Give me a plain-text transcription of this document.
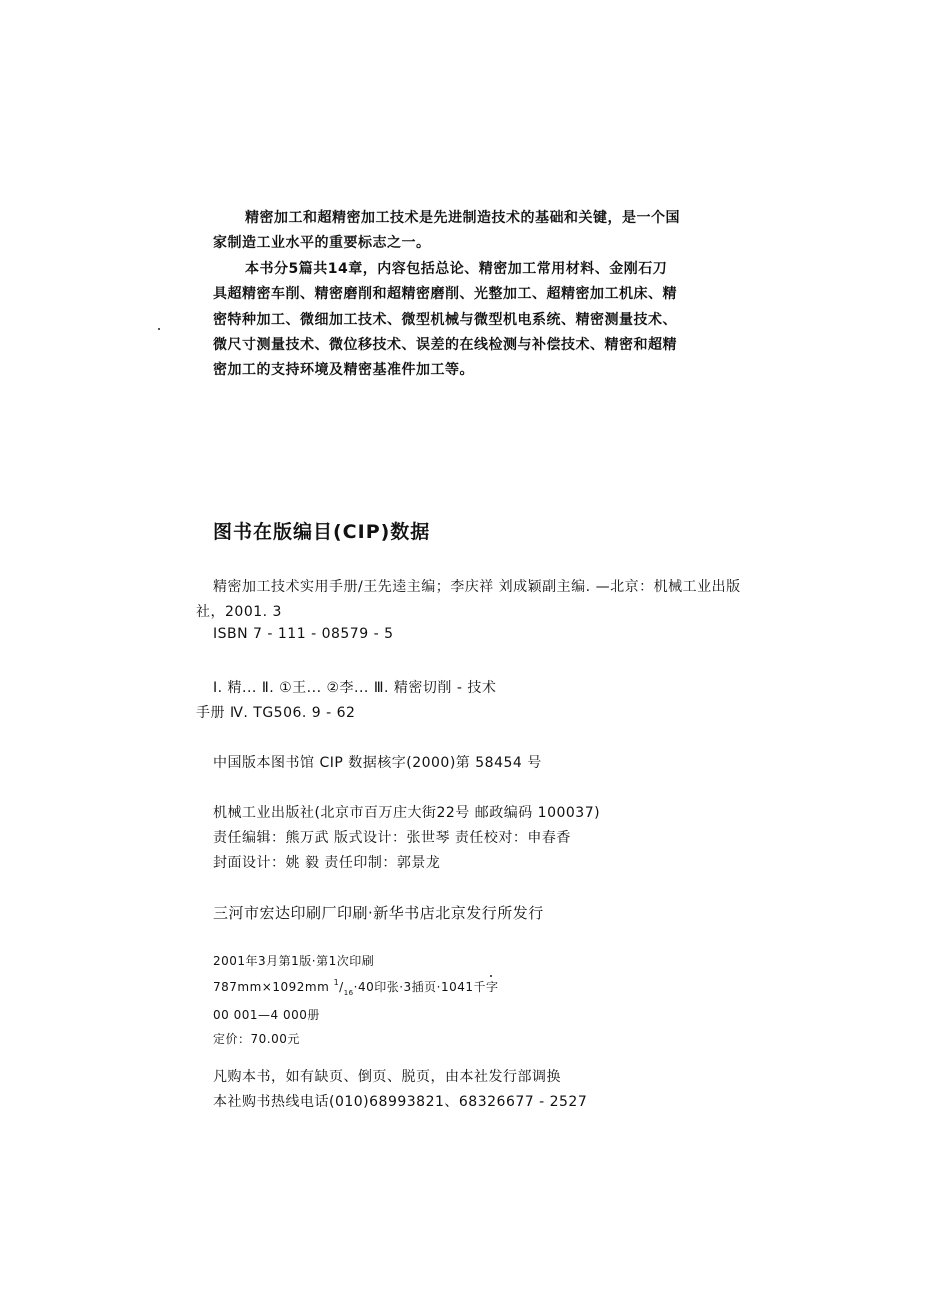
精密加工和超精密加工技术是先进制造技术的基础和关键，是一个国
家制造工业水平的重要标志之一。
本书分5篇共14章，内容包括总论、精密加工常用材料、金刚石刀
具超精密车削、精密磨削和超精密磨削、光整加工、超精密加工机床、精
密特种加工、微细加工技术、微型机械与微型机电系统、精密测量技术、
微尺寸测量技术、微位移技术、误差的在线检测与补偿技术、精密和超精
密加工的支持环境及精密基准件加工等。
图书在版编目(CIP)数据
精密加工技术实用手册/王先逵主编；李庆祥 刘成颖副主编. —北京：机械工业出版
社，2001. 3
ISBN 7 - 111 - 08579 - 5
Ⅰ. 精... Ⅱ. ①王... ②李... Ⅲ. 精密切削 - 技术
手册 Ⅳ. TG506. 9 - 62
中国版本图书馆 CIP 数据核字(2000)第 58454 号
机械工业出版社(北京市百万庄大街22号 邮政编码 100037)
责任编辑：熊万武 版式设计：张世琴 责任校对：申春香
封面设计：姚 毅 责任印制：郭景龙
三河市宏达印刷厂印刷·新华书店北京发行所发行
2001年3月第1版·第1次印刷
787mm×1092mm $^1/_{16}\cdot 40$印张·3插页·1041千字
00 001—4 000册
定价：70.00元
凡购本书，如有缺页、倒页、脱页，由本社发行部调换
本社购书热线电话(010)68993821、68326677 - 2527
